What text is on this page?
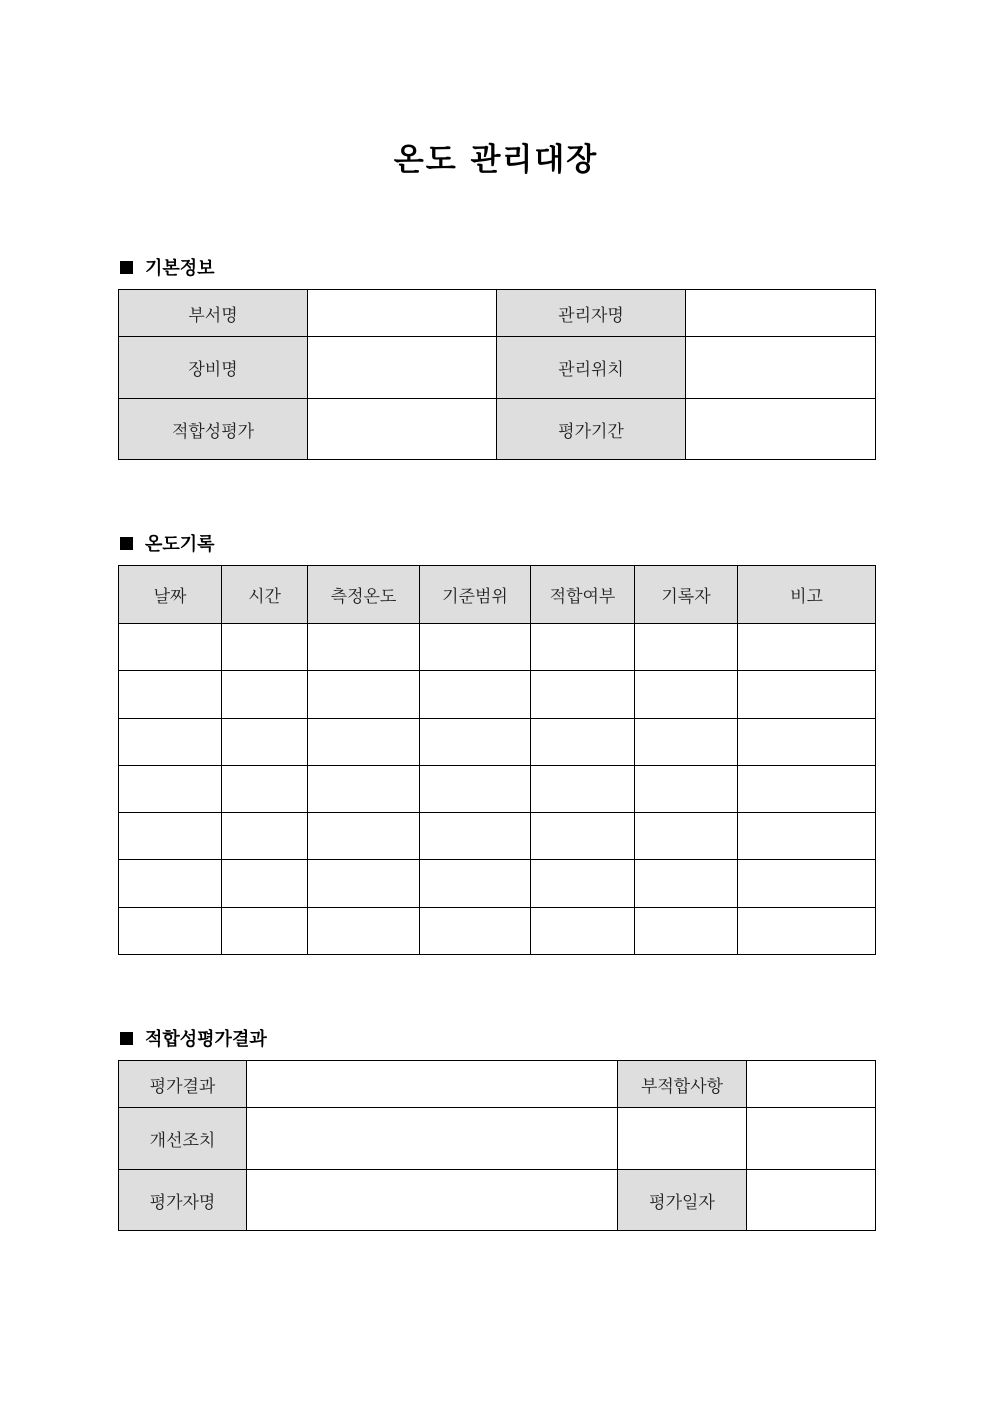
온도 관리대장
기본정보
부서명		관리자명	
장비명		관리위치	
적합성평가		평가기간	
온도기록
날짜	시간	측정온도	기준범위	적합여부	기록자	비고

적합성평가결과
평가결과		부적합사항	
개선조치			
평가자명		평가일자	
